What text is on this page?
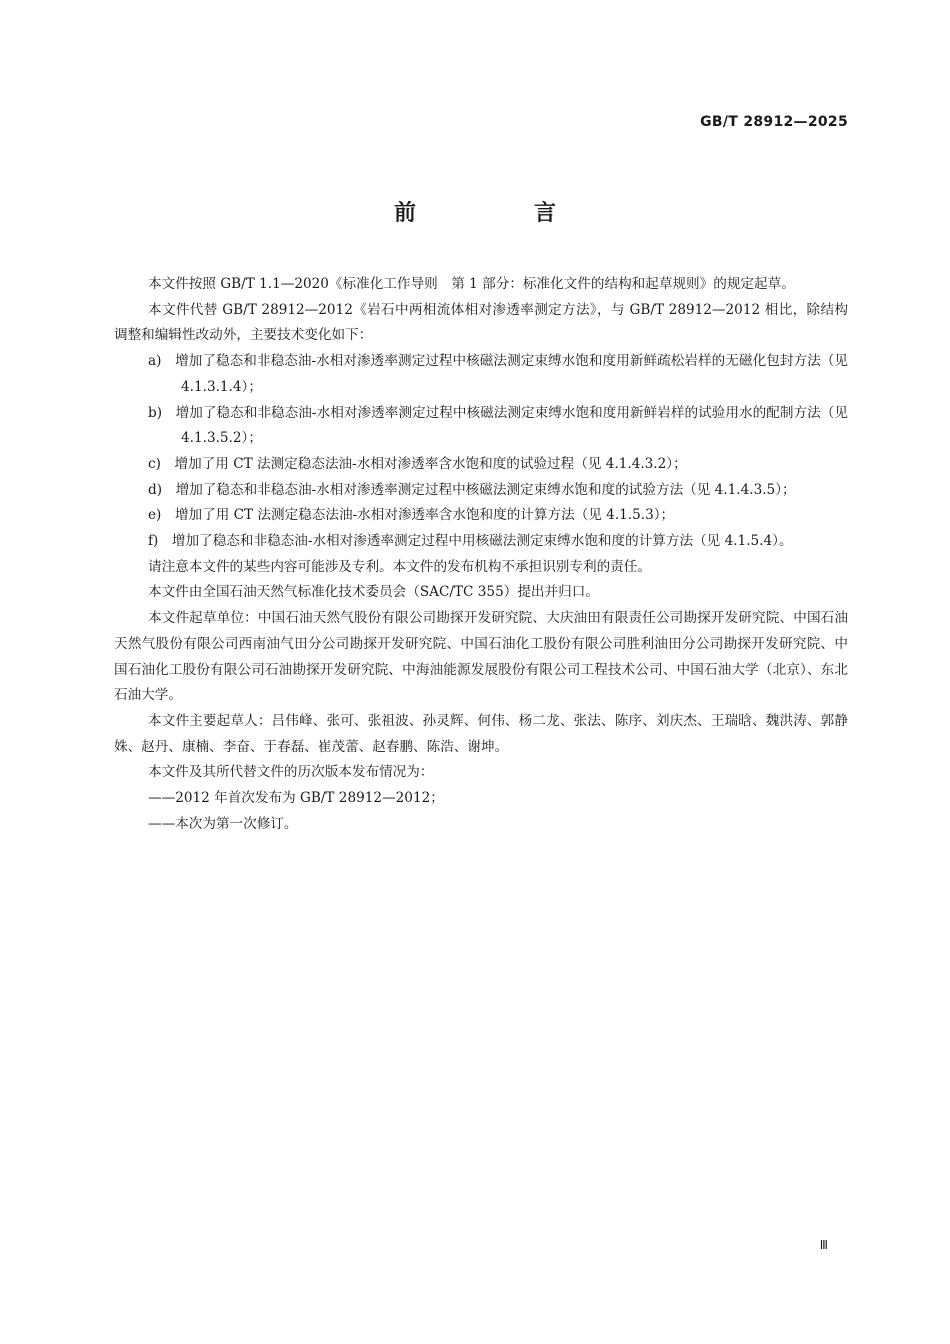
GB/T 28912—2025
前　言

本文件按照 GB/T 1.1—2020《标准化工作导则　第 1 部分：标准化文件的结构和起草规则》的规定起草。

本文件代替 GB/T 28912—2012《岩石中两相流体相对渗透率测定方法》，与 GB/T 28912—2012 相比，除结构调整和编辑性改动外，主要技术变化如下：

a)　增加了稳态和非稳态油-水相对渗透率测定过程中核磁法测定束缚水饱和度用新鲜疏松岩样的无磁化包封方法（见 4.1.3.1.4）；

b)　增加了稳态和非稳态油-水相对渗透率测定过程中核磁法测定束缚水饱和度用新鲜岩样的试验用水的配制方法（见 4.1.3.5.2）；

c)　增加了用 CT 法测定稳态法油-水相对渗透率含水饱和度的试验过程（见 4.1.4.3.2）；

d)　增加了稳态和非稳态油-水相对渗透率测定过程中核磁法测定束缚水饱和度的试验方法（见 4.1.4.3.5）；

e)　增加了用 CT 法测定稳态法油-水相对渗透率含水饱和度的计算方法（见 4.1.5.3）；

f)　增加了稳态和非稳态油-水相对渗透率测定过程中用核磁法测定束缚水饱和度的计算方法（见 4.1.5.4）。

请注意本文件的某些内容可能涉及专利。本文件的发布机构不承担识别专利的责任。

本文件由全国石油天然气标准化技术委员会（SAC/TC 355）提出并归口。

本文件起草单位：中国石油天然气股份有限公司勘探开发研究院、大庆油田有限责任公司勘探开发研究院、中国石油天然气股份有限公司西南油气田分公司勘探开发研究院、中国石油化工股份有限公司胜利油田分公司勘探开发研究院、中国石油化工股份有限公司石油勘探开发研究院、中海油能源发展股份有限公司工程技术公司、中国石油大学（北京）、东北石油大学。

本文件主要起草人：吕伟峰、张可、张祖波、孙灵辉、何伟、杨二龙、张法、陈序、刘庆杰、王瑞晗、魏洪涛、郭静姝、赵丹、康楠、李奋、于春磊、崔茂蕾、赵春鹏、陈浩、谢坤。

本文件及其所代替文件的历次版本发布情况为：

——2012 年首次发布为 GB/T 28912—2012；

——本次为第一次修订。

Ⅲ
